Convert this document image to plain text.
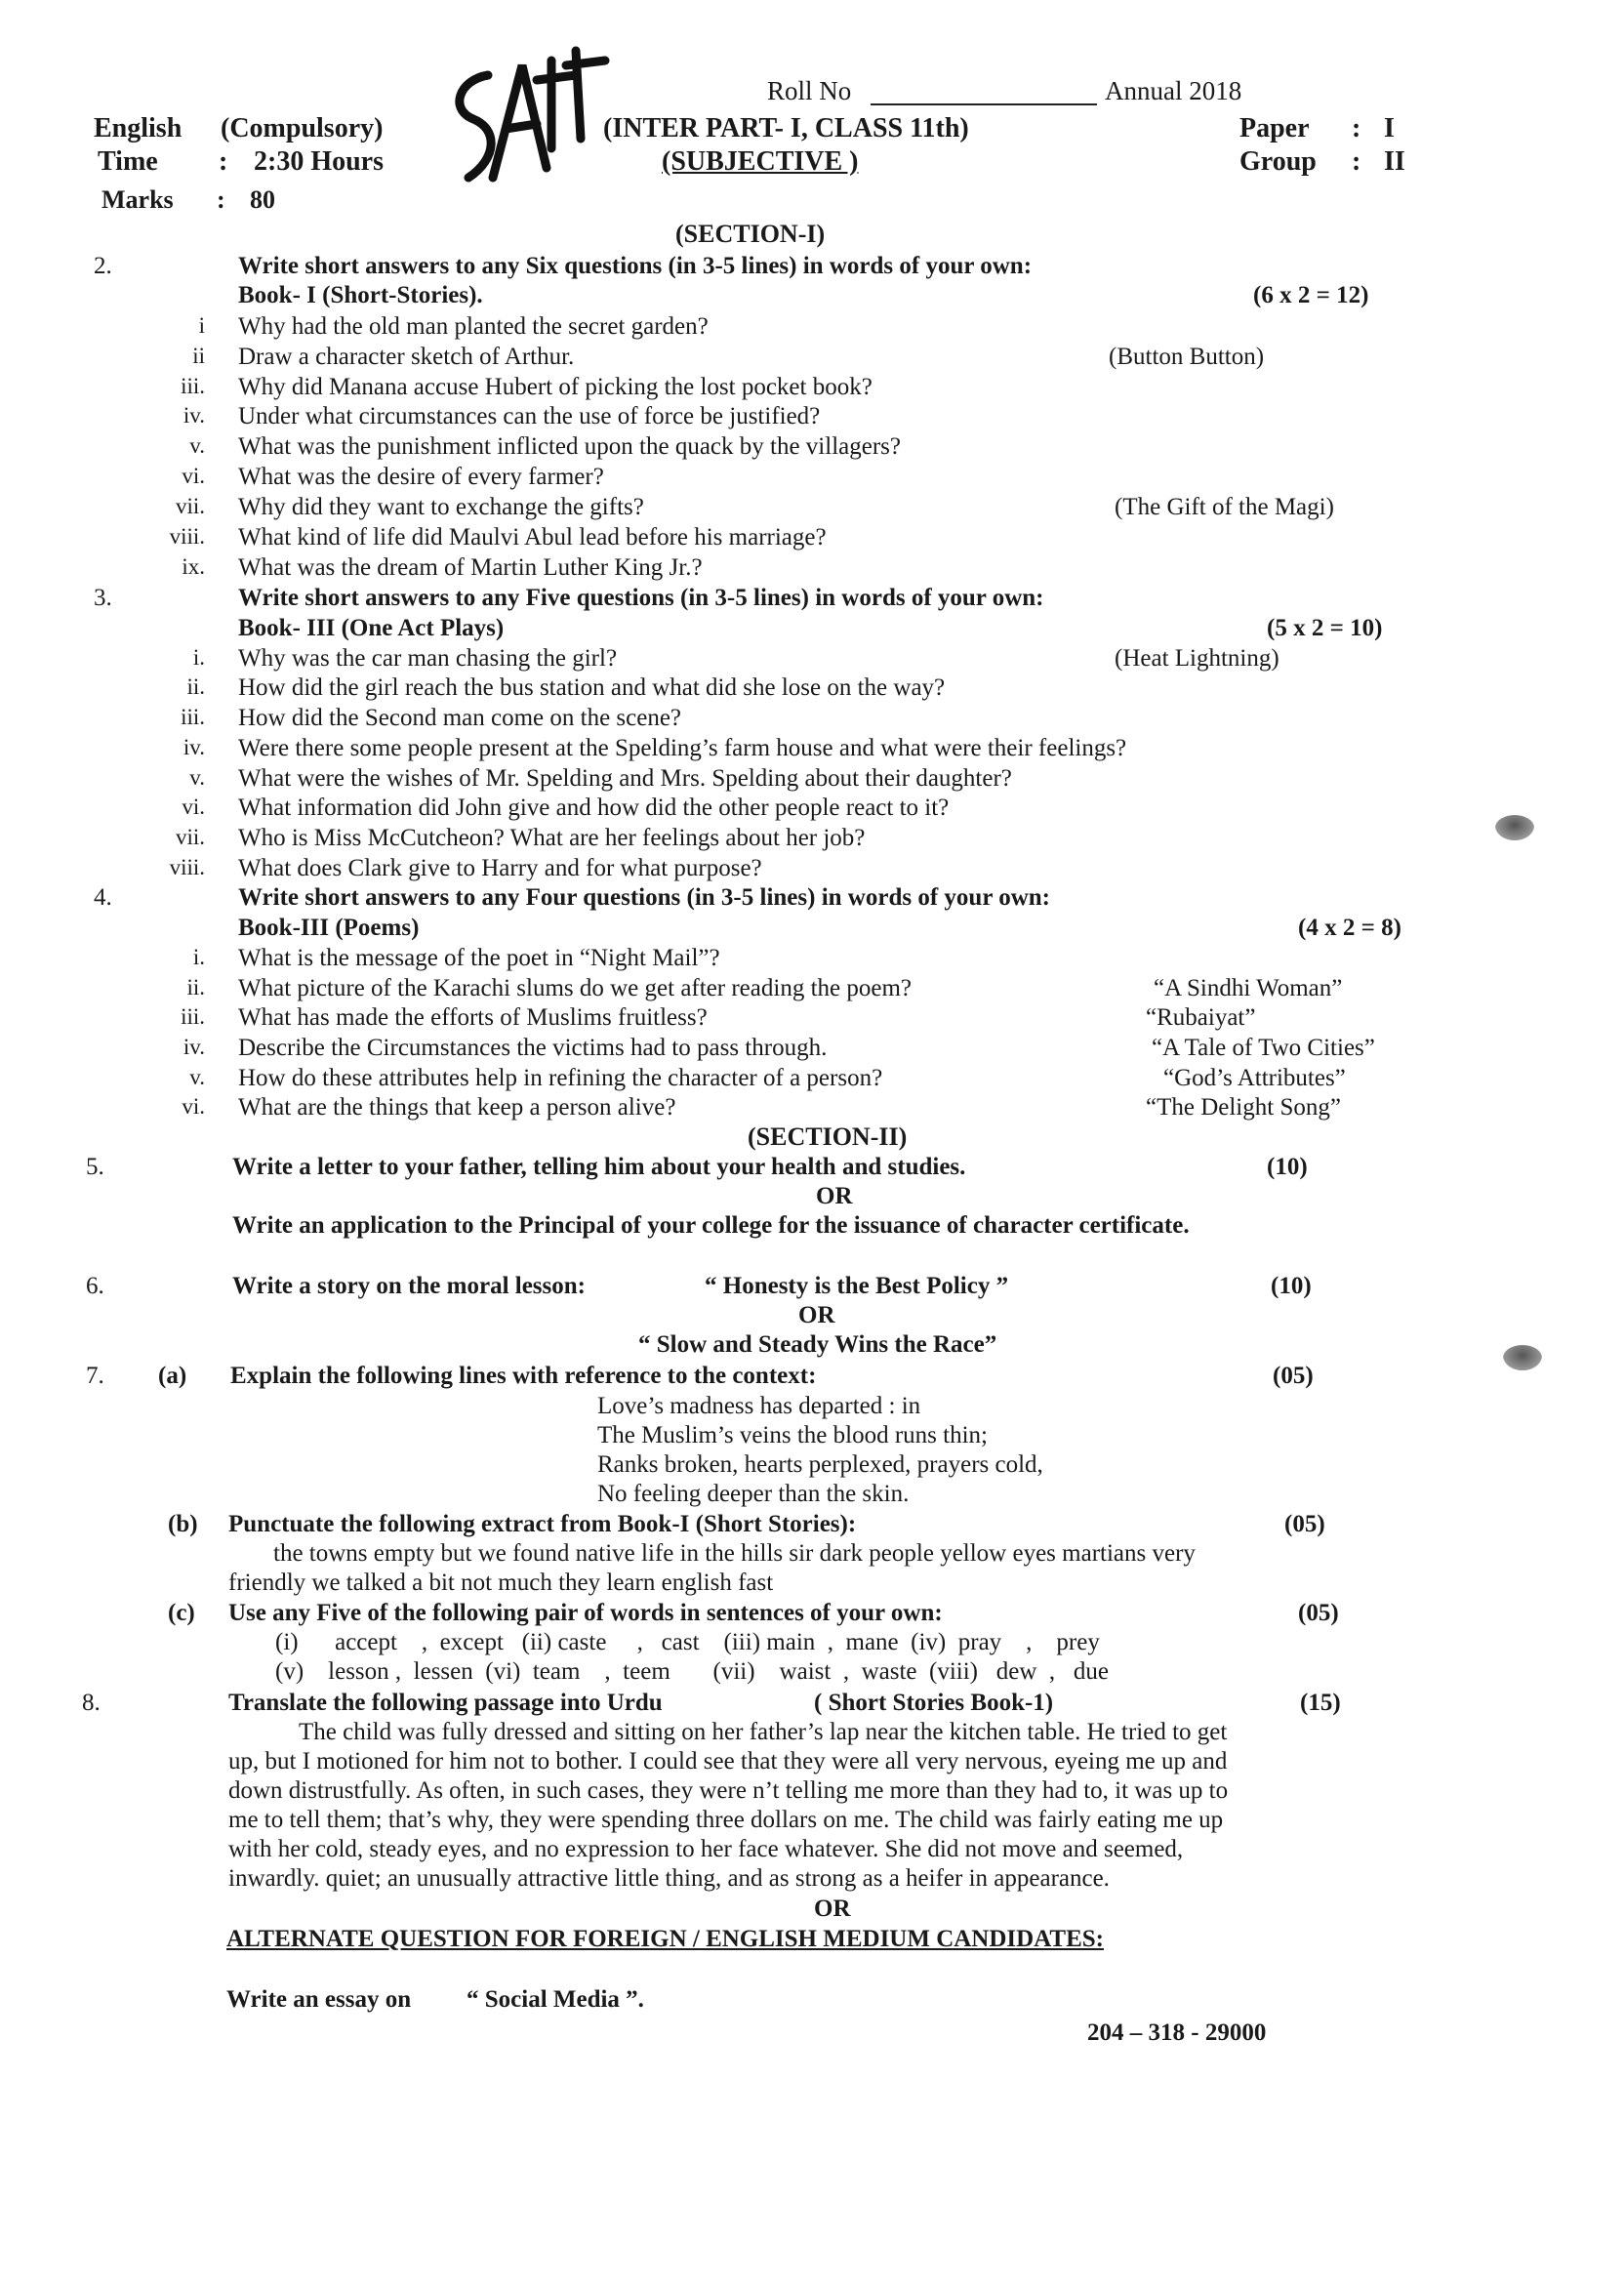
Roll No	Annual 2018
English (Compulsory)	(INTER PART- I, CLASS 11th)	Paper : I
Time : 2:30 Hours	(SUBJECTIVE )	Group : II
Marks : 80
(SECTION-I)
2.	Write short answers to any Six questions (in 3-5 lines) in words of your own:
Book- I (Short-Stories).	(6 x 2 = 12)
i Why had the old man planted the secret garden?
ii Draw a character sketch of Arthur.	(Button Button)
iii. Why did Manana accuse Hubert of picking the lost pocket book?
iv. Under what circumstances can the use of force be justified?
v. What was the punishment inflicted upon the quack by the villagers?
vi. What was the desire of every farmer?
vii. Why did they want to exchange the gifts?	(The Gift of the Magi)
viii. What kind of life did Maulvi Abul lead before his marriage?
ix. What was the dream of Martin Luther King Jr.?
3.	Write short answers to any Five questions (in 3-5 lines) in words of your own:
Book- III (One Act Plays)	(5 x 2 = 10)
i. Why was the car man chasing the girl?	(Heat Lightning)
ii. How did the girl reach the bus station and what did she lose on the way?
iii. How did the Second man come on the scene?
iv. Were there some people present at the Spelding’s farm house and what were their feelings?
v. What were the wishes of Mr. Spelding and Mrs. Spelding about their daughter?
vi. What information did John give and how did the other people react to it?
vii. Who is Miss McCutcheon? What are her feelings about her job?
viii. What does Clark give to Harry and for what purpose?
4.	Write short answers to any Four questions (in 3-5 lines) in words of your own:
Book-III (Poems)	(4 x 2 = 8)
i. What is the message of the poet in “Night Mail”?
ii. What picture of the Karachi slums do we get after reading the poem?	“A Sindhi Woman”
iii. What has made the efforts of Muslims fruitless?	“Rubaiyat”
iv. Describe the Circumstances the victims had to pass through.	“A Tale of Two Cities”
v. How do these attributes help in refining the character of a person?	“God’s Attributes”
vi. What are the things that keep a person alive?	“The Delight Song”
(SECTION-II)
5.	Write a letter to your father, telling him about your health and studies.	(10)
OR
Write an application to the Principal of your college for the issuance of character certificate.
6.	Write a story on the moral lesson:	“ Honesty is the Best Policy ”	(10)
OR
“ Slow and Steady Wins the Race”
7. (a) Explain the following lines with reference to the context:	(05)
Love’s madness has departed : in
The Muslim’s veins the blood runs thin;
Ranks broken, hearts perplexed, prayers cold,
No feeling deeper than the skin.
(b) Punctuate the following extract from Book-I (Short Stories):	(05)
the towns empty but we found native life in the hills sir dark people yellow eyes martians very
friendly we talked a bit not much they learn english fast
(c) Use any Five of the following pair of words in sentences of your own:	(05)
(i)      accept    ,  except   (ii) caste     ,   cast    (iii) main  ,  mane  (iv)  pray    ,    prey
(v)    lesson ,  lessen  (vi)  team    ,  teem       (vii)    waist  ,  waste  (viii)   dew  ,   due
8.	Translate the following passage into Urdu	( Short Stories Book-1)	(15)
The child was fully dressed and sitting on her father’s lap near the kitchen table. He tried to get
up, but I motioned for him not to bother. I could see that they were all very nervous, eyeing me up and
down distrustfully. As often, in such cases, they were n’t telling me more than they had to, it was up to
me to tell them; that’s why, they were spending three dollars on me. The child was fairly eating me up
with her cold, steady eyes, and no expression to her face whatever. She did not move and seemed,
inwardly. quiet; an unusually attractive little thing, and as strong as a heifer in appearance.
OR
ALTERNATE QUESTION FOR FOREIGN / ENGLISH MEDIUM CANDIDATES:
Write an essay on “ Social Media ”.
204 – 318 - 29000
